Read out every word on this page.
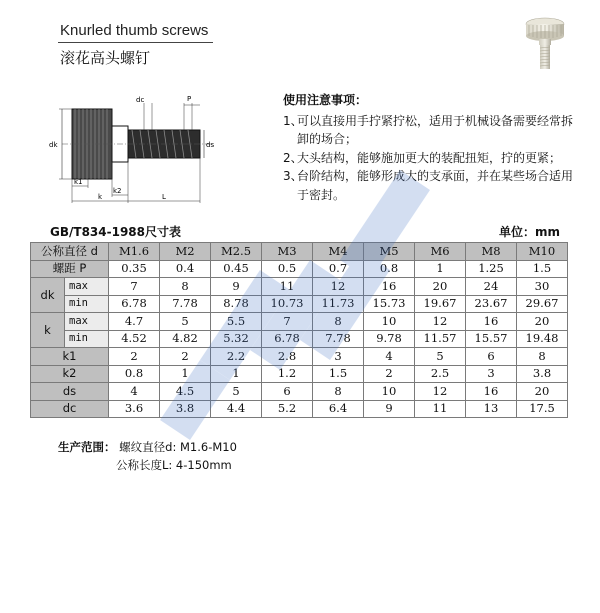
Knurled thumb screws
滚花高头螺钉
dc	P
dk	ds
k1
k2
k	L
使用注意事项：
1、
可以直接用手拧紧拧松，适用于机械设备需要经常拆卸的场合；
2、
大头结构，能够施加更大的装配扭矩，拧的更紧；
3、
台阶结构，能够形成大的支承面，并在某些场合适用于密封。
GB/T834-1988尺寸表	单位：mm
公称直径 d		M1.6	M2	M2.5	M3	M4	M5	M6	M8	M10
螺距 P		0.35	0.4	0.45	0.5	0.7	0.8	1	1.25	1.5
dk	max	7	8	9	11	12	16	20	24	30
	min	6.78	7.78	8.78	10.73	11.73	15.73	19.67	23.67	29.67
k	max	4.7	5	5.5	7	8	10	12	16	20
	min	4.52	4.82	5.32	6.78	7.78	9.78	11.57	15.57	19.48
k1		2	2	2.2	2.8	3	4	5	6	8
k2		0.8	1	1	1.2	1.5	2	2.5	3	3.8
ds		4	4.5	5	6	8	10	12	16	20
dc		3.6	3.8	4.4	5.2	6.4	9	11	13	17.5
生产范围： 螺纹直径d: M1.6-M10
公称长度L: 4-150mm
